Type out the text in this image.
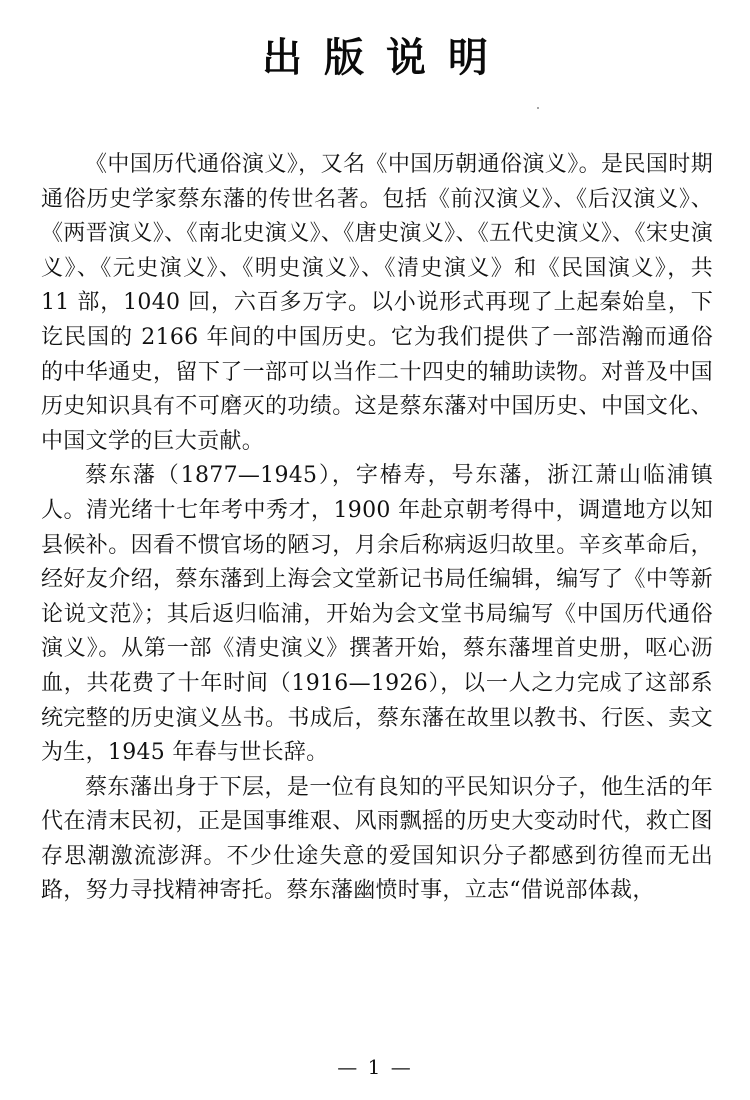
出版说明

《中国历代通俗演义》，又名《中国历朝通俗演义》。是民国时期通俗历史学家蔡东藩的传世名著。包括《前汉演义》、《后汉演义》、《两晋演义》、《南北史演义》、《唐史演义》、《五代史演义》、《宋史演义》、《元史演义》、《明史演义》、《清史演义》和《民国演义》，共 11 部，1040 回，六百多万字。以小说形式再现了上起秦始皇，下讫民国的 2166 年间的中国历史。它为我们提供了一部浩瀚而通俗的中华通史，留下了一部可以当作二十四史的辅助读物。对普及中国历史知识具有不可磨灭的功绩。这是蔡东藩对中国历史、中国文化、中国文学的巨大贡献。

蔡东藩（1877—1945），字椿寿，号东藩，浙江萧山临浦镇人。清光绪十七年考中秀才，1900 年赴京朝考得中，调遣地方以知县候补。因看不惯官场的陋习，月余后称病返归故里。辛亥革命后，经好友介绍，蔡东藩到上海会文堂新记书局任编辑，编写了《中等新论说文范》；其后返归临浦，开始为会文堂书局编写《中国历代通俗演义》。从第一部《清史演义》撰著开始，蔡东藩埋首史册，呕心沥血，共花费了十年时间（1916—1926），以一人之力完成了这部系统完整的历史演义丛书。书成后，蔡东藩在故里以教书、行医、卖文为生，1945 年春与世长辞。

蔡东藩出身于下层，是一位有良知的平民知识分子，他生活的年代在清末民初，正是国事维艰、风雨飘摇的历史大变动时代，救亡图存思潮激流澎湃。不少仕途失意的爱国知识分子都感到彷徨而无出路，努力寻找精神寄托。蔡东藩幽愤时事，立志“借说部体裁，

— 1 —
